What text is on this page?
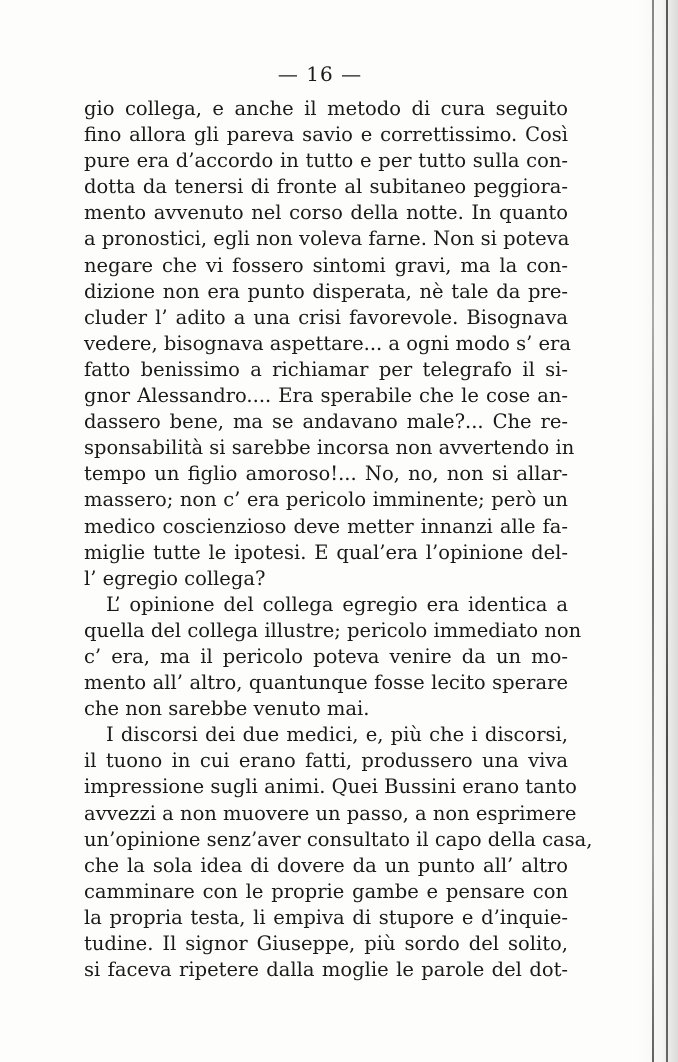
— 16 —
gio collega, e anche il metodo di cura seguito
fino allora gli pareva savio e correttissimo. Così
pure era d’accordo in tutto e per tutto sulla con-
dotta da tenersi di fronte al subitaneo peggiora-
mento avvenuto nel corso della notte. In quanto
a pronostici, egli non voleva farne. Non si poteva
negare che vi fossero sintomi gravi, ma la con-
dizione non era punto disperata, nè tale da pre-
cluder l’ adito a una crisi favorevole. Bisognava
vedere, bisognava aspettare... a ogni modo s’ era
fatto benissimo a richiamar per telegrafo il si-
gnor Alessandro.... Era sperabile che le cose an-
dassero bene, ma se andavano male?... Che re-
sponsabilità si sarebbe incorsa non avvertendo in
tempo un figlio amoroso!... No, no, non si allar-
massero; non c’ era pericolo imminente; però un
medico coscienzioso deve metter innanzi alle fa-
miglie tutte le ipotesi. E qual’era l’opinione del-
l’ egregio collega?
L’ opinione del collega egregio era identica a
quella del collega illustre; pericolo immediato non
c’ era, ma il pericolo poteva venire da un mo-
mento all’ altro, quantunque fosse lecito sperare
che non sarebbe venuto mai.
I discorsi dei due medici, e, più che i discorsi,
il tuono in cui erano fatti, produssero una viva
impressione sugli animi. Quei Bussini erano tanto
avvezzi a non muovere un passo, a non esprimere
un’opinione senz’aver consultato il capo della casa,
che la sola idea di dovere da un punto all’ altro
camminare con le proprie gambe e pensare con
la propria testa, li empiva di stupore e d’inquie-
tudine. Il signor Giuseppe, più sordo del solito,
si faceva ripetere dalla moglie le parole del dot-
